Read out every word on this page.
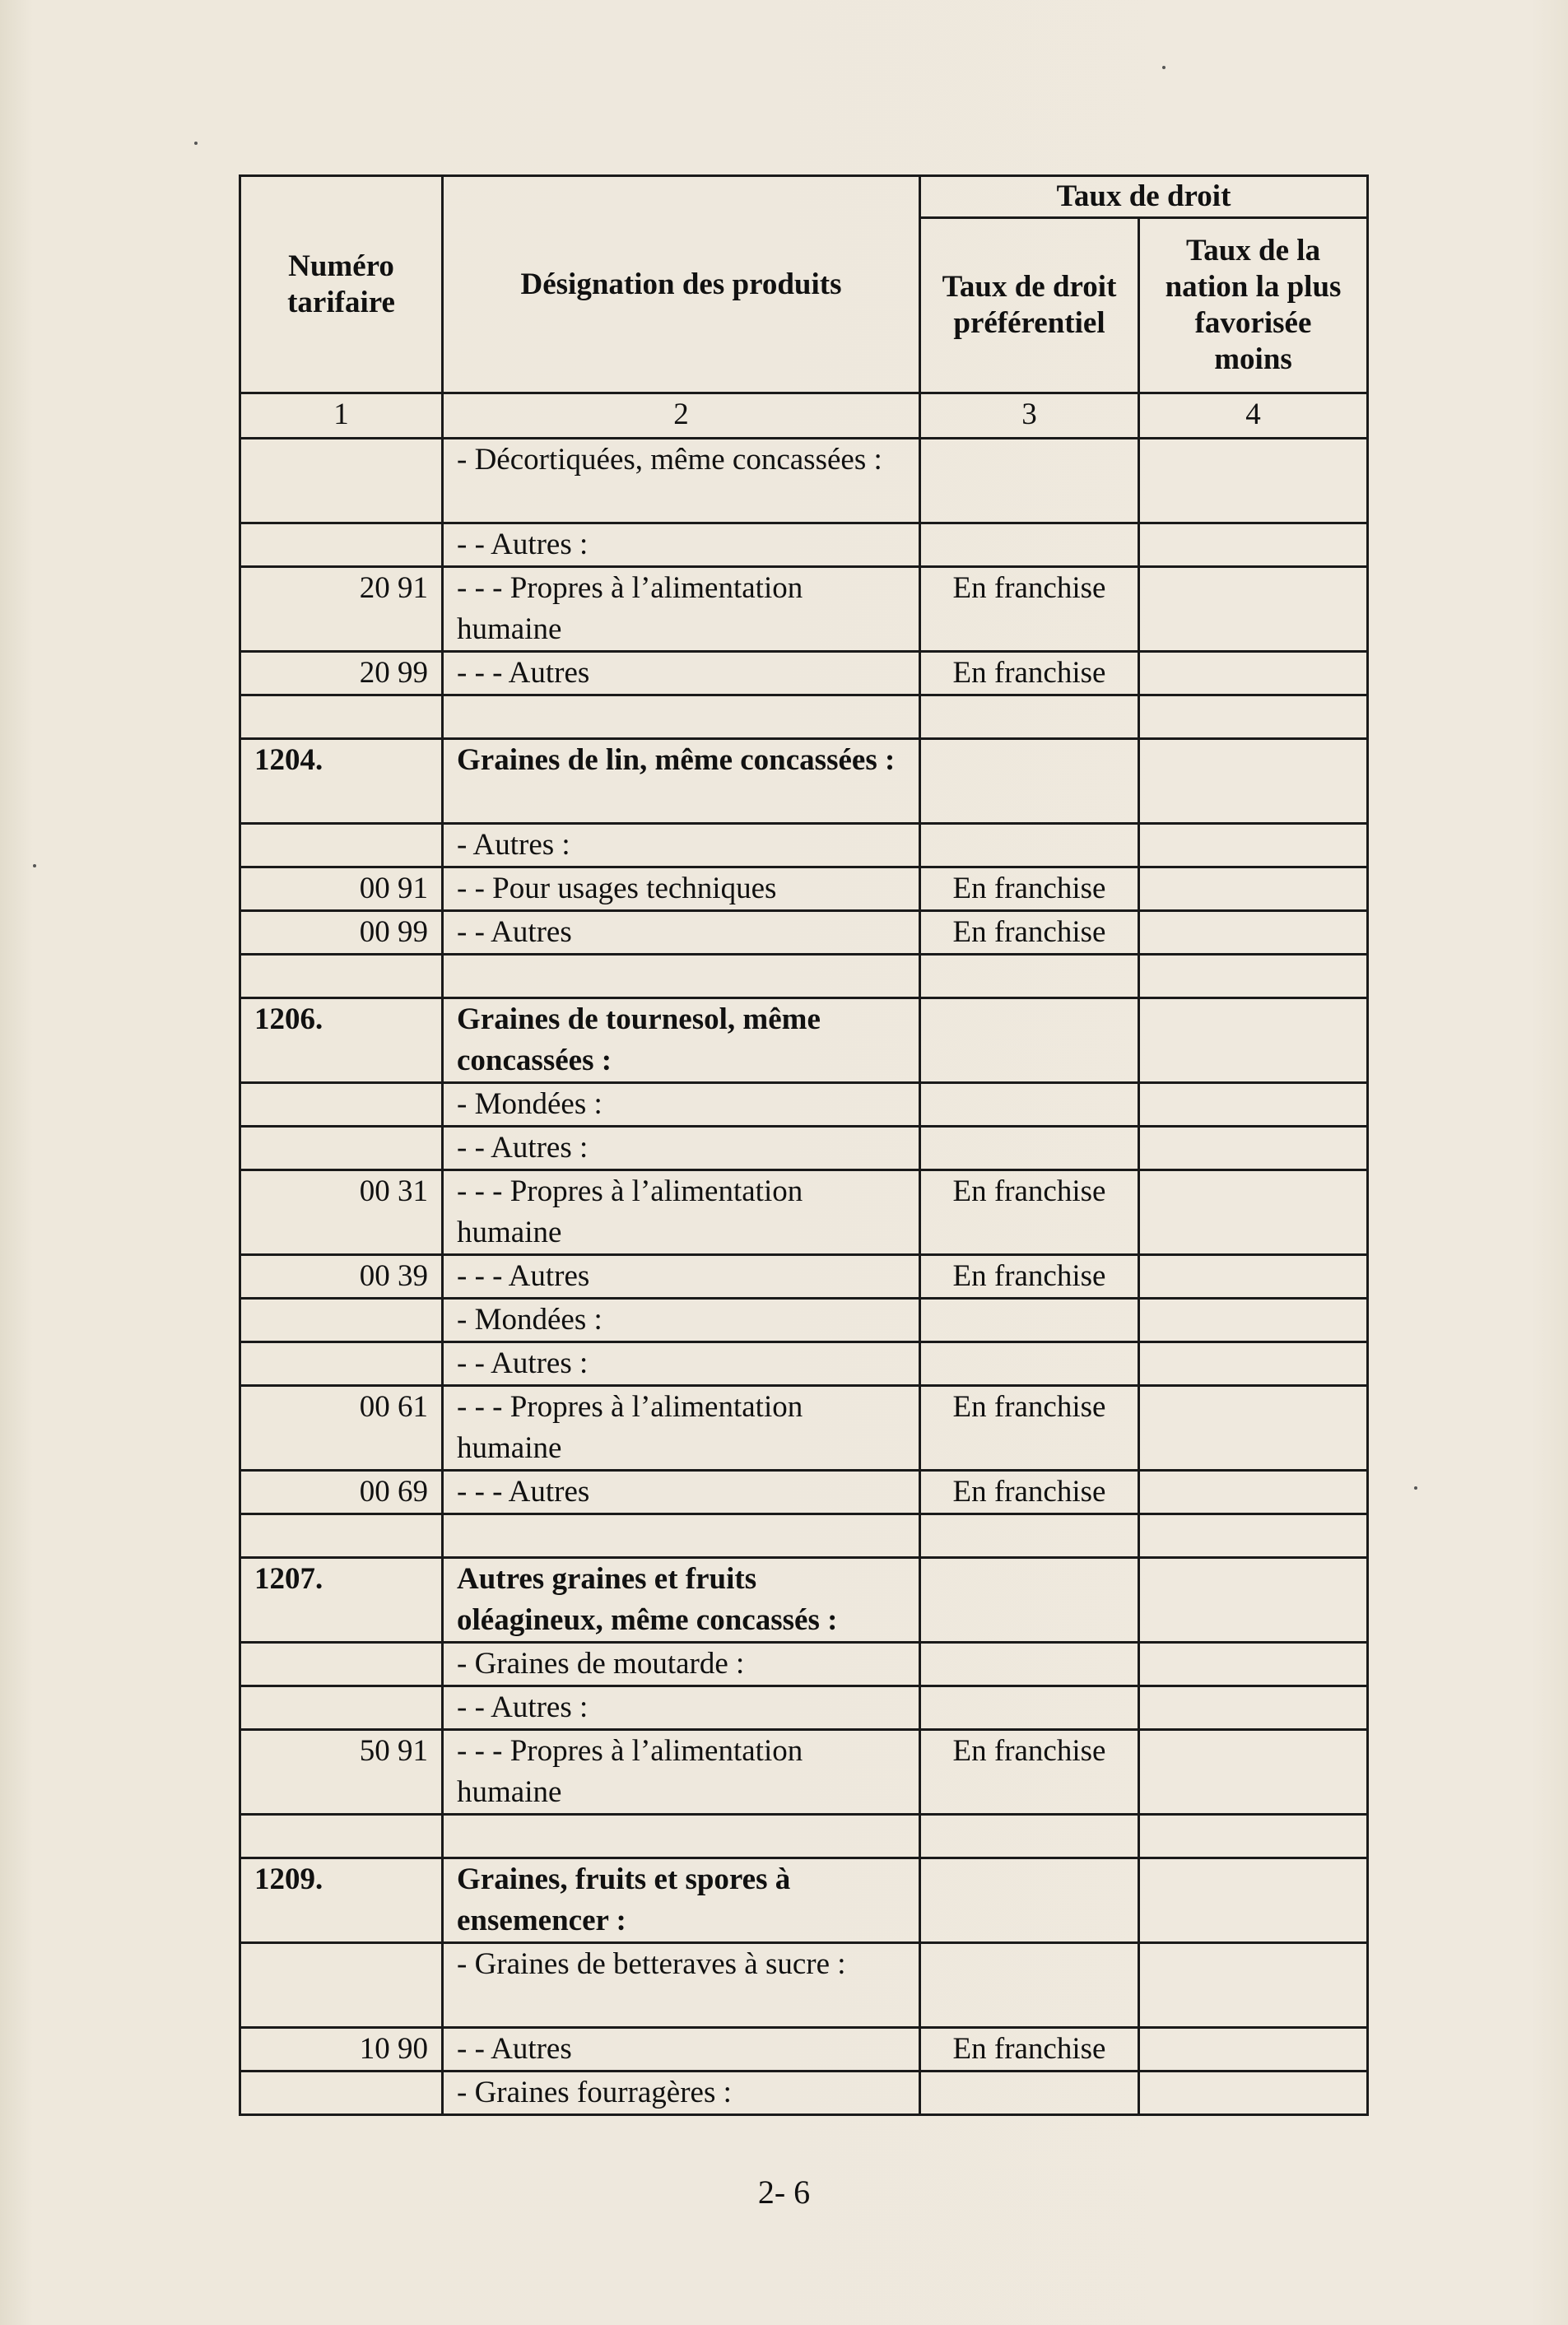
Numéro tarifaire	Désignation des produits	Taux de droit	
		Taux de droit préférentiel	Taux de la nation la plus favorisée moins
1	2	3	4
	- Décortiquées, même concassées :		
	- - Autres :		
20 91	- - - Propres à l’alimentation humaine	En franchise	
20 99	- - - Autres	En franchise	

1204.	Graines de lin, même concassées :		
	- Autres :		
00 91	- - Pour usages techniques	En franchise	
00 99	- - Autres	En franchise	

1206.	Graines de tournesol, même concassées :		
	- Mondées :		
	- - Autres :		
00 31	- - - Propres à l’alimentation humaine	En franchise	
00 39	- - - Autres	En franchise	
	- Mondées :		
	- - Autres :		
00 61	- - - Propres à l’alimentation humaine	En franchise	
00 69	- - - Autres	En franchise	

1207.	Autres graines et fruits oléagineux, même concassés :		
	- Graines de moutarde :		
	- - Autres :		
50 91	- - - Propres à l’alimentation humaine	En franchise	

1209.	Graines, fruits et spores à ensemencer :		
	- Graines de betteraves à sucre :		
10 90	- - Autres	En franchise	
	- Graines fourragères :		
2- 6
